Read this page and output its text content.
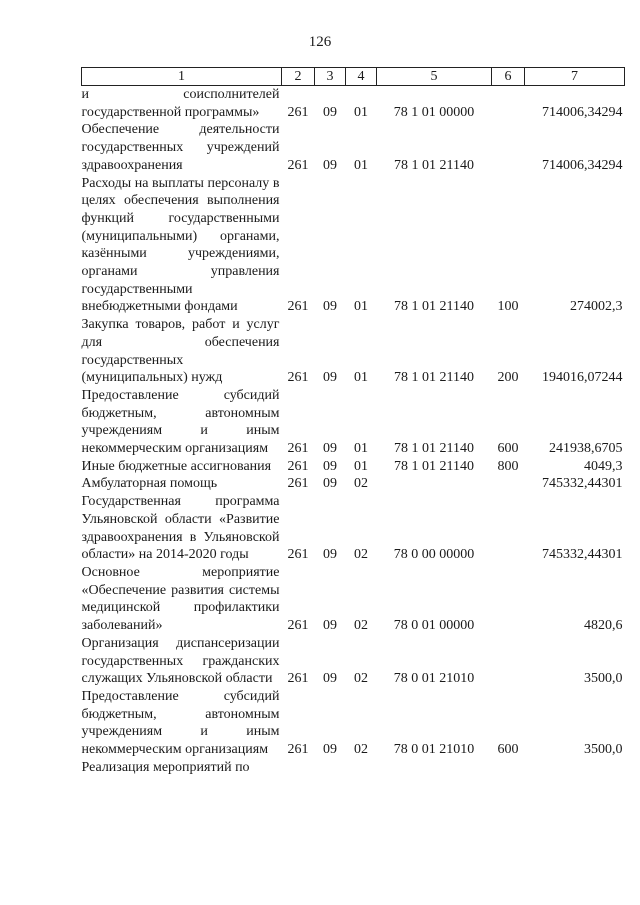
126
1	2	3	4	5	6	7
и соисполнителей государственной программы»	261	09	01	78 1 01 00000		714006,34294
Обеспечение деятельности государственных учреждений здравоохранения	261	09	01	78 1 01 21140		714006,34294
Расходы на выплаты персоналу в целях обеспечения выполнения функций государственными (муниципальными) органами, казёнными учреждениями, органами управления государственными внебюджетными фондами	261	09	01	78 1 01 21140	100	274002,3
Закупка товаров, работ и услуг для обеспечения государственных (муниципальных) нужд	261	09	01	78 1 01 21140	200	194016,07244
Предоставление субсидий бюджетным, автономным учреждениям и иным некоммерческим организациям	261	09	01	78 1 01 21140	600	241938,6705
Иные бюджетные ассигнования	261	09	01	78 1 01 21140	800	4049,3
Амбулаторная помощь	261	09	02			745332,44301
Государственная программа Ульяновской области «Развитие здравоохранения в Ульяновской области» на 2014-2020 годы	261	09	02	78 0 00 00000		745332,44301
Основное мероприятие «Обеспечение развития системы медицинской профилактики заболеваний»	261	09	02	78 0 01 00000		4820,6
Организация диспансеризации государственных гражданских служащих Ульяновской области	261	09	02	78 0 01 21010		3500,0
Предоставление субсидий бюджетным, автономным учреждениям и иным некоммерческим организациям	261	09	02	78 0 01 21010	600	3500,0
Реализация мероприятий по						
